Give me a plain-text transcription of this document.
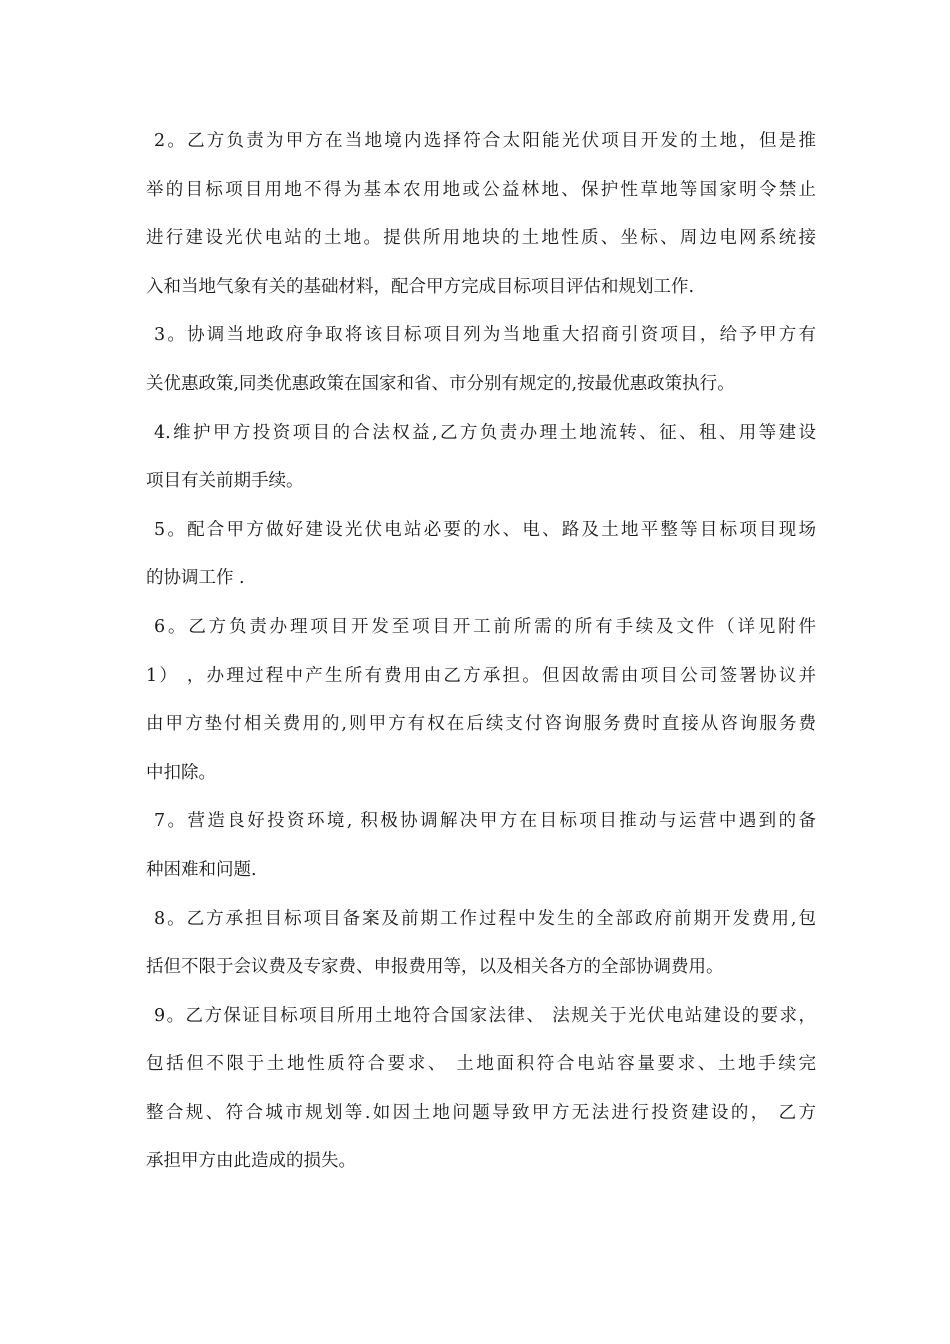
2。乙方负责为甲方在当地境内选择符合太阳能光伏项目开发的土地，但是推
举的目标项目用地不得为基本农用地或公益林地、保护性草地等国家明令禁止
进行建设光伏电站的土地。提供所用地块的土地性质、坐标、周边电网系统接
入和当地气象有关的基础材料，配合甲方完成目标项目评估和规划工作.
3。协调当地政府争取将该目标项目列为当地重大招商引资项目，给予甲方有
关优惠政策,同类优惠政策在国家和省、市分别有规定的,按最优惠政策执行。
4.维护甲方投资项目的合法权益,乙方负责办理土地流转、征、租、用等建设
项目有关前期手续。
5。配合甲方做好建设光伏电站必要的水、电、路及土地平整等目标项目现场
的协调工作 .
6。乙方负责办理项目开发至项目开工前所需的所有手续及文件（详见附件
1） ，办理过程中产生所有费用由乙方承担。但因故需由项目公司签署协议并
由甲方垫付相关费用的,则甲方有权在后续支付咨询服务费时直接从咨询服务费
中扣除。
7。营造良好投资环境, 积极协调解决甲方在目标项目推动与运营中遇到的备
种困难和问题.
8。乙方承担目标项目备案及前期工作过程中发生的全部政府前期开发费用,包
括但不限于会议费及专家费、申报费用等，以及相关各方的全部协调费用。
9。乙方保证目标项目所用土地符合国家法律、 法规关于光伏电站建设的要求，
包括但不限于土地性质符合要求、 土地面积符合电站容量要求、土地手续完
整合规、符合城市规划等.如因土地问题导致甲方无法进行投资建设的， 乙方
承担甲方由此造成的损失。
